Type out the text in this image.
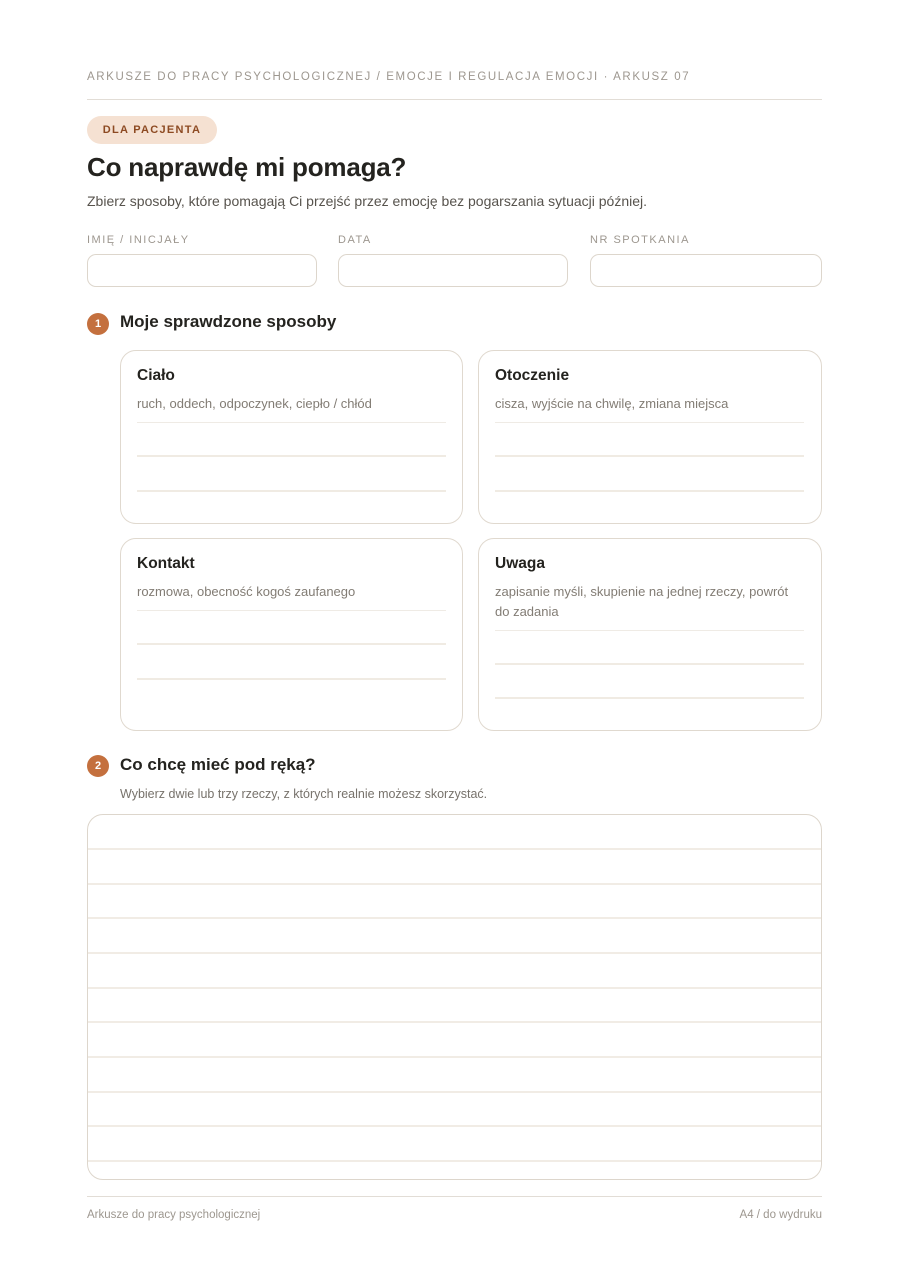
ARKUSZE DO PRACY PSYCHOLOGICZNEJ / EMOCJE I REGULACJA EMOCJI · ARKUSZ 07
DLA PACJENTA
Co naprawdę mi pomaga?
Zbierz sposoby, które pomagają Ci przejść przez emocję bez pogarszania sytuacji później.
IMIĘ / INICJAŁY	DATA	NR SPOTKANIA
1	Moje sprawdzone sposoby
Ciało
ruch, oddech, odpoczynek, ciepło / chłód
Otoczenie
cisza, wyjście na chwilę, zmiana miejsca
Kontakt
rozmowa, obecność kogoś zaufanego
Uwaga
zapisanie myśli, skupienie na jednej rzeczy, powrót do zadania
2	Co chcę mieć pod ręką?
Wybierz dwie lub trzy rzeczy, z których realnie możesz skorzystać.
Arkusze do pracy psychologicznej	A4 / do wydruku
